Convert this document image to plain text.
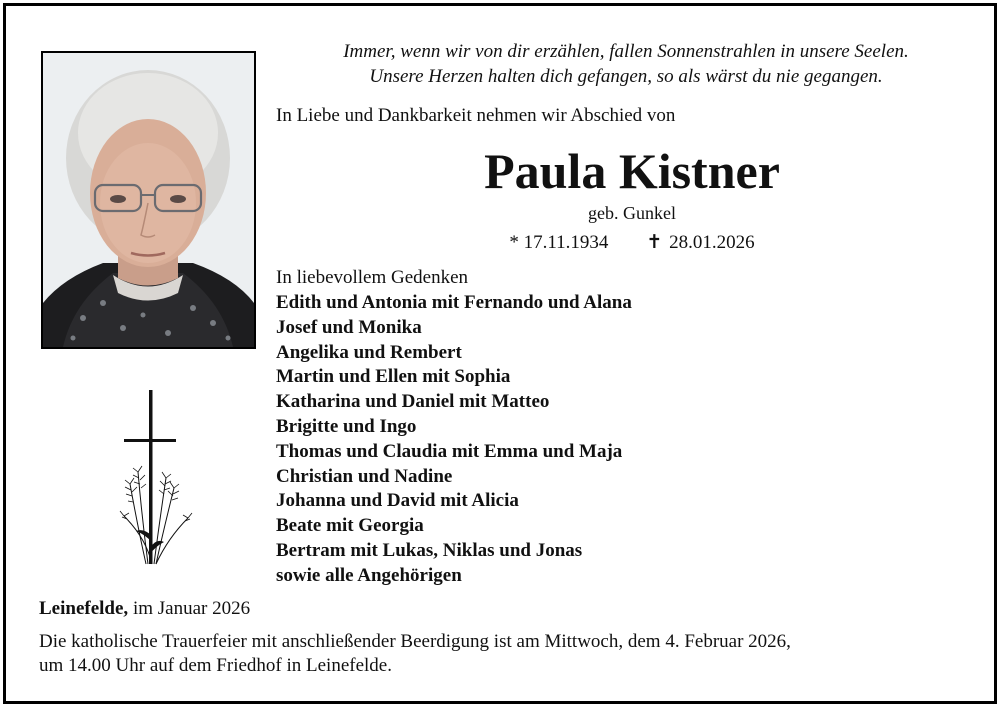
Immer, wenn wir von dir erzählen, fallen Sonnenstrahlen in unsere Seelen.
Unsere Herzen halten dich gefangen, so als wärst du nie gegangen.
In Liebe und Dankbarkeit nehmen wir Abschied von
Paula Kistner
geb. Gunkel
* 17.11.1934 ✝ 28.01.2026
In liebevollem Gedenken
Edith und Antonia mit Fernando und Alana
Josef und Monika
Angelika und Rembert
Martin und Ellen mit Sophia
Katharina und Daniel mit Matteo
Brigitte und Ingo
Thomas und Claudia mit Emma und Maja
Christian und Nadine
Johanna und David mit Alicia
Beate mit Georgia
Bertram mit Lukas, Niklas und Jonas
sowie alle Angehörigen
Leinefelde, im Januar 2026
Die katholische Trauerfeier mit anschließender Beerdigung ist am Mittwoch, dem 4. Februar 2026,
um 14.00 Uhr auf dem Friedhof in Leinefelde.
